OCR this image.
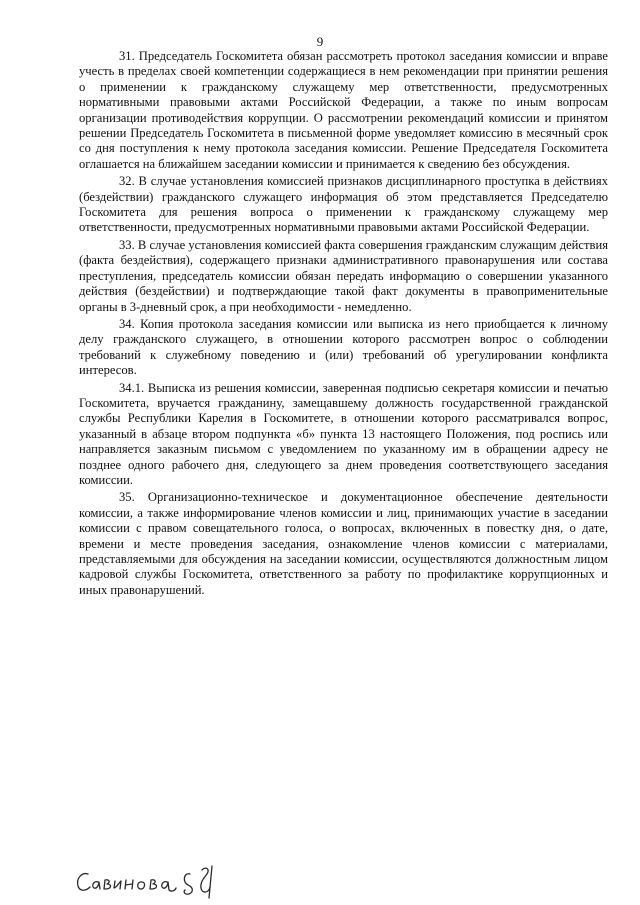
9

31. Председатель Госкомитета обязан рассмотреть протокол заседания комиссии и вправе учесть в пределах своей компетенции содержащиеся в нем рекомендации при принятии решения о применении к гражданскому служащему мер ответственности, предусмотренных нормативными правовыми актами Российской Федерации, а также по иным вопросам организации противодействия коррупции. О рассмотрении рекомендаций комиссии и принятом решении Председатель Госкомитета в письменной форме уведомляет комиссию в месячный срок со дня поступления к нему протокола заседания комиссии. Решение Председателя Госкомитета оглашается на ближайшем заседании комиссии и принимается к сведению без обсуждения.

32. В случае установления комиссией признаков дисциплинарного проступка в действиях (бездействии) гражданского служащего информация об этом представляется Председателю Госкомитета для решения вопроса о применении к гражданскому служащему мер ответственности, предусмотренных нормативными правовыми актами Российской Федерации.

33. В случае установления комиссией факта совершения гражданским служащим действия (факта бездействия), содержащего признаки административного правонарушения или состава преступления, председатель комиссии обязан передать информацию о совершении указанного действия (бездействии) и подтверждающие такой факт документы в правоприменительные органы в 3-дневный срок, а при необходимости - немедленно.

34. Копия протокола заседания комиссии или выписка из него приобщается к личному делу гражданского служащего, в отношении которого рассмотрен вопрос о соблюдении требований к служебному поведению и (или) требований об урегулировании конфликта интересов.

34.1. Выписка из решения комиссии, заверенная подписью секретаря комиссии и печатью Госкомитета, вручается гражданину, замещавшему должность государственной гражданской службы Республики Карелия в Госкомитете, в отношении которого рассматривался вопрос, указанный в абзаце втором подпункта «б» пункта 13 настоящего Положения, под роспись или направляется заказным письмом с уведомлением по указанному им в обращении адресу не позднее одного рабочего дня, следующего за днем проведения соответствующего заседания комиссии.

35. Организационно-техническое и документационное обеспечение деятельности комиссии, а также информирование членов комиссии и лиц, принимающих участие в заседании комиссии с правом совещательного голоса, о вопросах, включенных в повестку дня, о дате, времени и месте проведения заседания, ознакомление членов комиссии с материалами, представляемыми для обсуждения на заседании комиссии, осуществляются должностным лицом кадровой службы Госкомитета, ответственного за работу по профилактике коррупционных и иных правонарушений.
